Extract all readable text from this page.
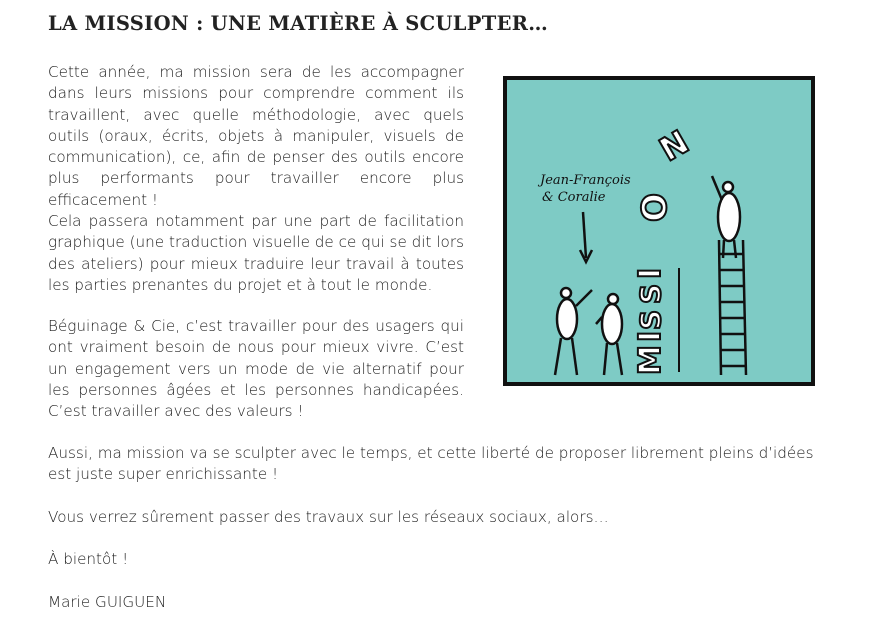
LA MISSION : UNE MATIÈRE À SCULPTER…

Cette année, ma mission sera de les accompagner dans leurs missions pour comprendre comment ils travaillent, avec quelle méthodologie, avec quels outils (oraux, écrits, objets à manipuler, visuels de communication), ce, afin de penser des outils encore plus performants pour travailler encore plus efficacement !

Cela passera notamment par une part de facilitation graphique (une traduction visuelle de ce qui se dit lors des ateliers) pour mieux traduire leur travail à toutes les parties prenantes du projet et à tout le monde.

Béguinage & Cie, c’est travailler pour des usagers qui ont vraiment besoin de nous pour mieux vivre. C’est un engagement vers un mode de vie alternatif pour les personnes âgées et les personnes handicapées. C’est travailler avec des valeurs !

Jean-François
& Coralie
M
I
S
S
I
O
N

Aussi, ma mission va se sculpter avec le temps, et cette liberté de proposer librement pleins d’idées est juste super enrichissante !

Vous verrez sûrement passer des travaux sur les réseaux sociaux, alors…

À bientôt !

Marie GUIGUEN
